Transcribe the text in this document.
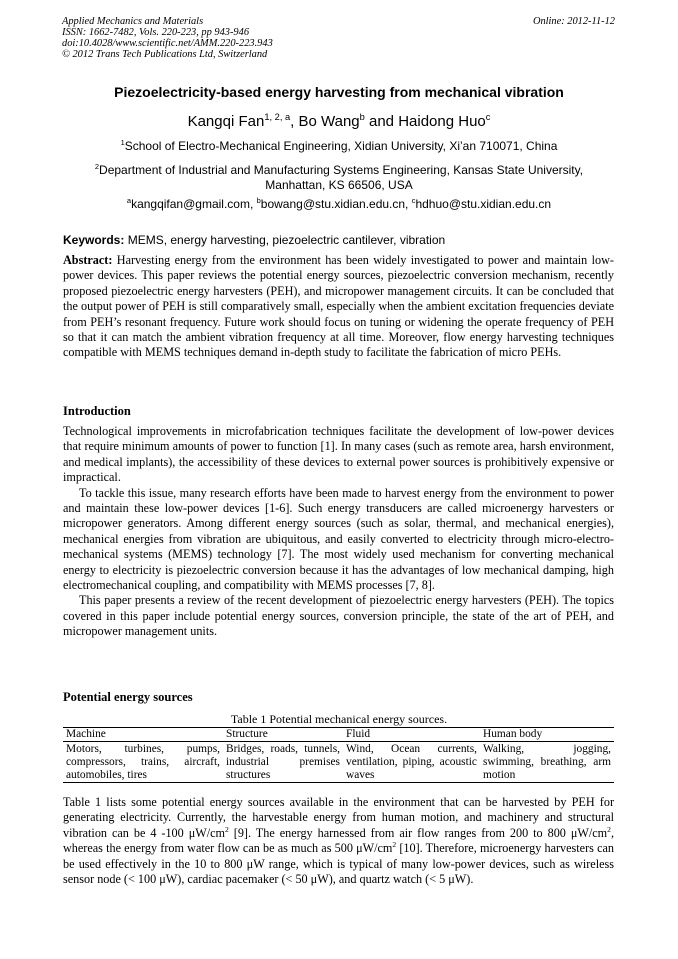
Applied Mechanics and Materials
ISSN: 1662-7482, Vols. 220-223, pp 943-946
doi:10.4028/www.scientific.net/AMM.220-223.943
© 2012 Trans Tech Publications Ltd, Switzerland
Online: 2012-11-12
Piezoelectricity-based energy harvesting from mechanical vibration
Kangqi Fan$^{1, 2, a}$, Bo Wang$^b$ and Haidong Huo$^c$
$^1$School of Electro-Mechanical Engineering, Xidian University, Xi’an 710071, China
$^2$Department of Industrial and Manufacturing Systems Engineering, Kansas State University,
Manhattan, KS 66506, USA
$^a$kangqifan@gmail.com, $^b$bowang@stu.xidian.edu.cn, $^c$hdhuo@stu.xidian.edu.cn
Keywords: MEMS, energy harvesting, piezoelectric cantilever, vibration

Abstract: Harvesting energy from the environment has been widely investigated to power and maintain low-power devices. This paper reviews the potential energy sources, piezoelectric conversion mechanism, recently proposed piezoelectric energy harvesters (PEH), and micropower management circuits. It can be concluded that the output power of PEH is still comparatively small, especially when the ambient excitation frequencies deviate from PEH’s resonant frequency. Future work should focus on tuning or widening the operate frequency of PEH so that it can match the ambient vibration frequency at all time. Moreover, flow energy harvesting techniques compatible with MEMS techniques demand in-depth study to facilitate the fabrication of micro PEHs.

Introduction

Technological improvements in microfabrication techniques facilitate the development of low-power devices that require minimum amounts of power to function [1]. In many cases (such as remote area, harsh environment, and medical implants), the accessibility of these devices to external power sources is prohibitively expensive or impractical.

To tackle this issue, many research efforts have been made to harvest energy from the environment to power and maintain these low-power devices [1-6]. Such energy transducers are called microenergy harvesters or micropower generators. Among different energy sources (such as solar, thermal, and mechanical energies), mechanical energies from vibration are ubiquitous, and easily converted to electricity through micro-electro-mechanical systems (MEMS) technology [7]. The most widely used mechanism for converting mechanical energy to electricity is piezoelectric conversion because it has the advantages of low mechanical damping, high electromechanical coupling, and compatibility with MEMS processes [7, 8].

This paper presents a review of the recent development of piezoelectric energy harvesters (PEH). The topics covered in this paper include potential energy sources, conversion principle, the state of the art of PEH, and micropower management units.

Potential energy sources
Table 1 Potential mechanical energy sources.
Machine	Structure	Fluid	Human body
Motors, turbines, pumps, compressors, trains, aircraft, automobiles, tires	Bridges, roads, tunnels, industrial premises structures	Wind, Ocean currents, ventilation, piping, acoustic waves	Walking, jogging, swimming, breathing, arm motion

Table 1 lists some potential energy sources available in the environment that can be harvested by PEH for generating electricity. Currently, the harvestable energy from human motion, and machinery and structural vibration can be 4 -100 $\mu W/cm^2$ [9]. The energy harnessed from air flow ranges from 200 to 800 $\mu W/cm^2$, whereas the energy from water flow can be as much as 500 $\mu W/cm^2$ [10]. Therefore, microenergy harvesters can be used effectively in the 10 to 800 μW range, which is typical of many low-power devices, such as wireless sensor node (< 100 μW), cardiac pacemaker (< 50 μW), and quartz watch (< 5 μW).
